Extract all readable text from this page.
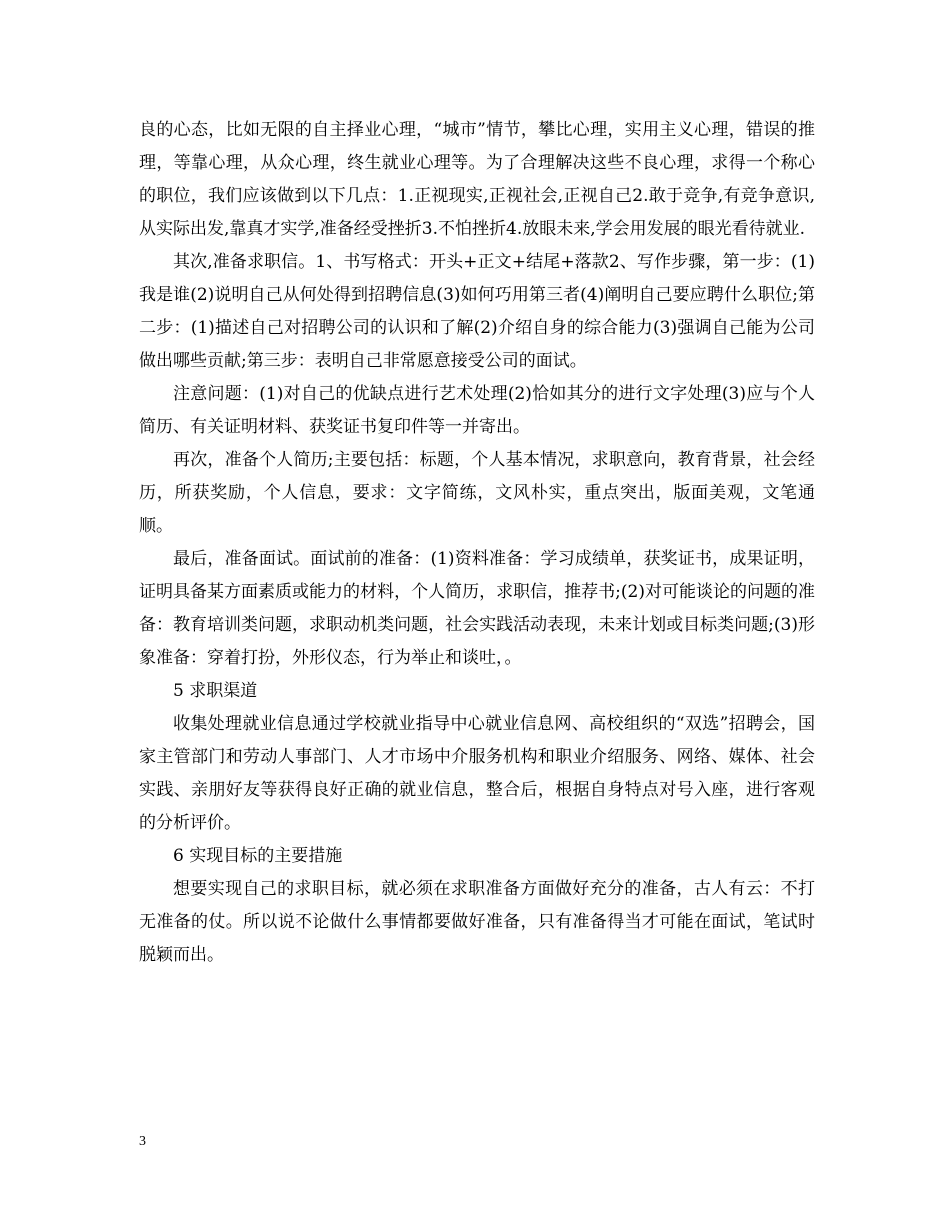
良的心态，比如无限的自主择业心理，“城市”情节，攀比心理，实用主义心理，错误的推理，等靠心理，从众心理，终生就业心理等。为了合理解决这些不良心理，求得一个称心的职位，我们应该做到以下几点：1.正视现实,正视社会,正视自己2.敢于竞争,有竞争意识,从实际出发,靠真才实学,准备经受挫折3.不怕挫折4.放眼未来,学会用发展的眼光看待就业.

其次,准备求职信。1、书写格式：开头+正文+结尾+落款2、写作步骤，第一步：(1)我是谁(2)说明自己从何处得到招聘信息(3)如何巧用第三者(4)阐明自己要应聘什么职位;第二步：(1)描述自己对招聘公司的认识和了解(2)介绍自身的综合能力(3)强调自己能为公司做出哪些贡献;第三步：表明自己非常愿意接受公司的面试。

注意问题：(1)对自己的优缺点进行艺术处理(2)恰如其分的进行文字处理(3)应与个人简历、有关证明材料、获奖证书复印件等一并寄出。

再次，准备个人简历;主要包括：标题，个人基本情况，求职意向，教育背景，社会经历，所获奖励，个人信息，要求：文字简练，文风朴实，重点突出，版面美观，文笔通顺。

最后，准备面试。面试前的准备：(1)资料准备：学习成绩单，获奖证书，成果证明，证明具备某方面素质或能力的材料，个人简历，求职信，推荐书;(2)对可能谈论的问题的准备：教育培训类问题，求职动机类问题，社会实践活动表现，未来计划或目标类问题;(3)形象准备：穿着打扮，外形仪态，行为举止和谈吐，。

5 求职渠道

收集处理就业信息通过学校就业指导中心就业信息网、高校组织的“双选”招聘会，国家主管部门和劳动人事部门、人才市场中介服务机构和职业介绍服务、网络、媒体、社会实践、亲朋好友等获得良好正确的就业信息，整合后，根据自身特点对号入座，进行客观的分析评价。

6 实现目标的主要措施

想要实现自己的求职目标，就必须在求职准备方面做好充分的准备，古人有云：不打无准备的仗。所以说不论做什么事情都要做好准备，只有准备得当才可能在面试，笔试时脱颖而出。

3
